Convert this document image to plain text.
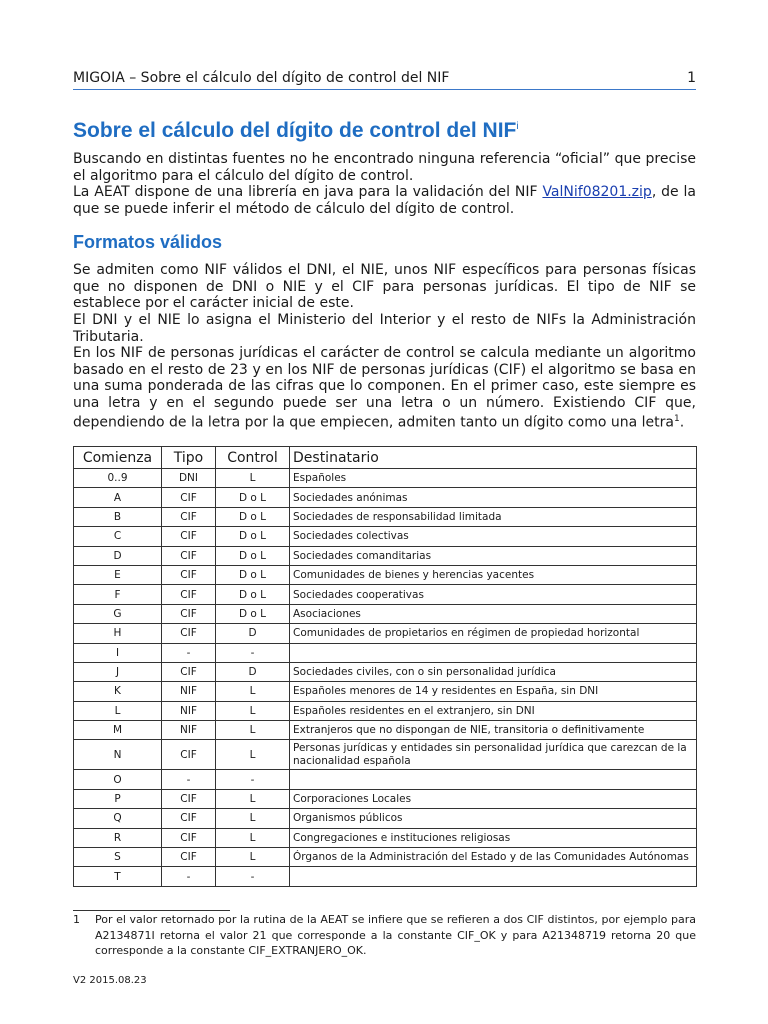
MIGOIA – Sobre el cálculo del dígito de control del NIF	1
Sobre el cálculo del dígito de control del NIF$^i$

Buscando en distintas fuentes no he encontrado ninguna referencia “oficial” que precise el algoritmo para el cálculo del dígito de control.

La AEAT dispone de una librería en java para la validación del NIF ValNif08201.zip, de la que se puede inferir el método de cálculo del dígito de control.

Formatos válidos

Se admiten como NIF válidos el DNI, el NIE, unos NIF específicos para personas físicas que no disponen de DNI o NIE y el CIF para personas jurídicas. El tipo de NIF se establece por el carácter inicial de este.

El DNI y el NIE lo asigna el Ministerio del Interior y el resto de NIFs la Administración Tributaria.

En los NIF de personas jurídicas el carácter de control se calcula mediante un algoritmo basado en el resto de 23 y en los NIF de personas jurídicas (CIF) el algoritmo se basa en una suma ponderada de las cifras que lo componen. En el primer caso, este siempre es una letra y en el segundo puede ser una letra o un número. Existiendo CIF que, dependiendo de la letra por la que empiecen, admiten tanto un dígito como una letra$^1$.

Comienza	Tipo	Control	Destinatario
0..9	DNI	L	Españoles
A	CIF	D o L	Sociedades anónimas
B	CIF	D o L	Sociedades de responsabilidad limitada
C	CIF	D o L	Sociedades colectivas
D	CIF	D o L	Sociedades comanditarias
E	CIF	D o L	Comunidades de bienes y herencias yacentes
F	CIF	D o L	Sociedades cooperativas
G	CIF	D o L	Asociaciones
H	CIF	D	Comunidades de propietarios en régimen de propiedad horizontal
I	-	-	
J	CIF	D	Sociedades civiles, con o sin personalidad jurídica
K	NIF	L	Españoles menores de 14 y residentes en España, sin DNI
L	NIF	L	Españoles residentes en el extranjero, sin DNI
M	NIF	L	Extranjeros que no dispongan de NIE, transitoria o definitivamente
N	CIF	L	Personas jurídicas y entidades sin personalidad jurídica que carezcan de la nacionalidad española
O	-	-	
P	CIF	L	Corporaciones Locales
Q	CIF	L	Organismos públicos
R	CIF	L	Congregaciones e instituciones religiosas
S	CIF	L	Órganos de la Administración del Estado y de las Comunidades Autónomas
T	-	-	
1 Por el valor retornado por la rutina de la AEAT se infiere que se refieren a dos CIF distintos, por ejemplo para A2134871I retorna el valor 21 que corresponde a la constante CIF_OK y para A21348719 retorna 20 que corresponde a la constante CIF_EXTRANJERO_OK.
V2 2015.08.23
